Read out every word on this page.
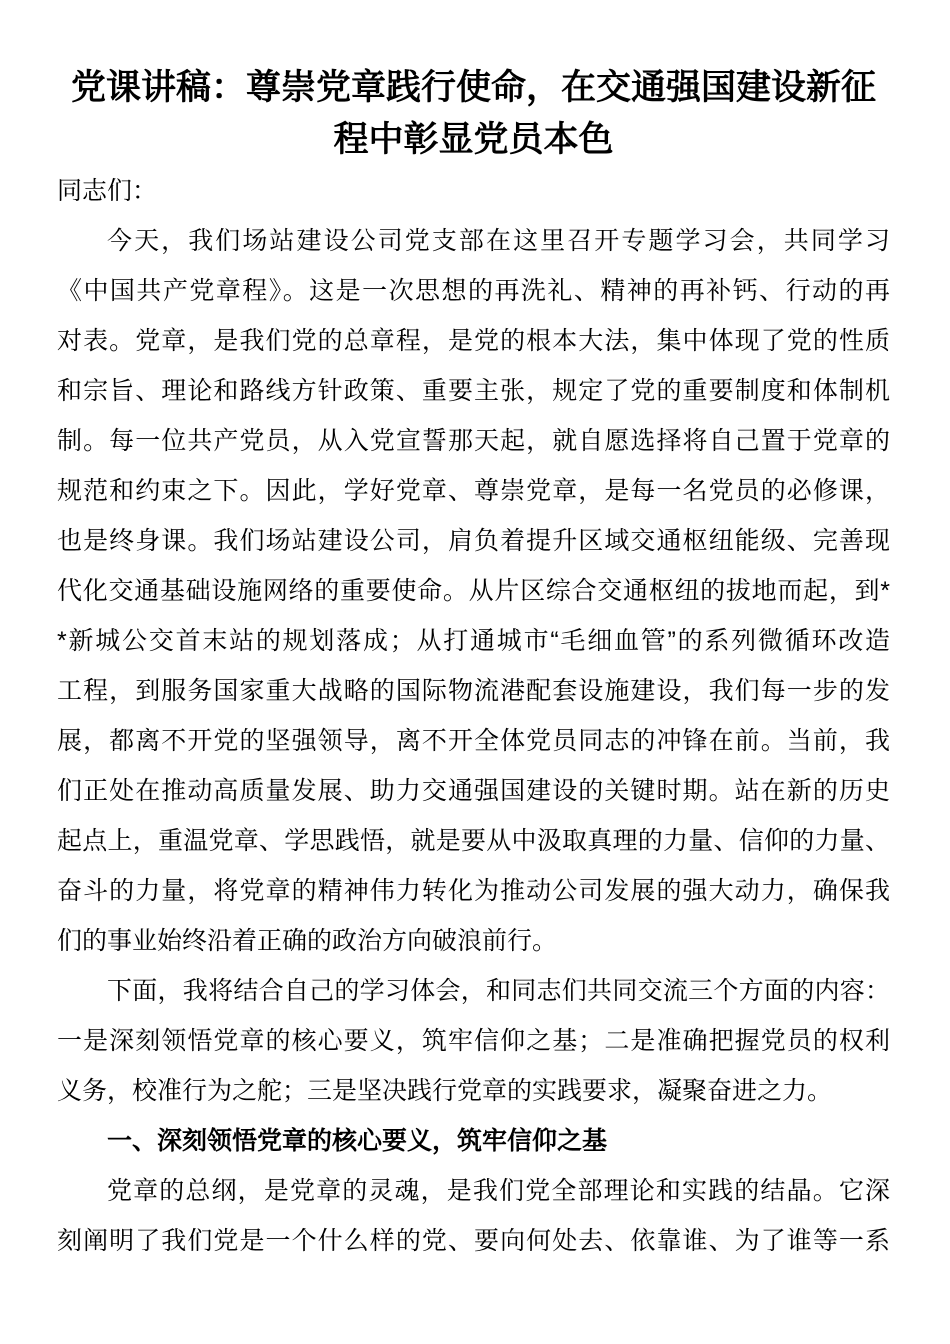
党课讲稿：尊崇党章践行使命，在交通强国建设新征
程中彰显党员本色
同志们：
今天，我们场站建设公司党支部在这里召开专题学习会，共同学习
《中国共产党章程》。这是一次思想的再洗礼、精神的再补钙、行动的再
对表。党章，是我们党的总章程，是党的根本大法，集中体现了党的性质
和宗旨、理论和路线方针政策、重要主张，规定了党的重要制度和体制机
制。每一位共产党员，从入党宣誓那天起，就自愿选择将自己置于党章的
规范和约束之下。因此，学好党章、尊崇党章，是每一名党员的必修课，
也是终身课。我们场站建设公司，肩负着提升区域交通枢纽能级、完善现
代化交通基础设施网络的重要使命。从片区综合交通枢纽的拔地而起，到*
*新城公交首末站的规划落成；从打通城市“毛细血管”的系列微循环改造
工程，到服务国家重大战略的国际物流港配套设施建设，我们每一步的发
展，都离不开党的坚强领导，离不开全体党员同志的冲锋在前。当前，我
们正处在推动高质量发展、助力交通强国建设的关键时期。站在新的历史
起点上，重温党章、学思践悟，就是要从中汲取真理的力量、信仰的力量、
奋斗的力量，将党章的精神伟力转化为推动公司发展的强大动力，确保我
们的事业始终沿着正确的政治方向破浪前行。
下面，我将结合自己的学习体会，和同志们共同交流三个方面的内容：
一是深刻领悟党章的核心要义，筑牢信仰之基；二是准确把握党员的权利
义务，校准行为之舵；三是坚决践行党章的实践要求，凝聚奋进之力。
一、深刻领悟党章的核心要义，筑牢信仰之基
党章的总纲，是党章的灵魂，是我们党全部理论和实践的结晶。它深
刻阐明了我们党是一个什么样的党、要向何处去、依靠谁、为了谁等一系
